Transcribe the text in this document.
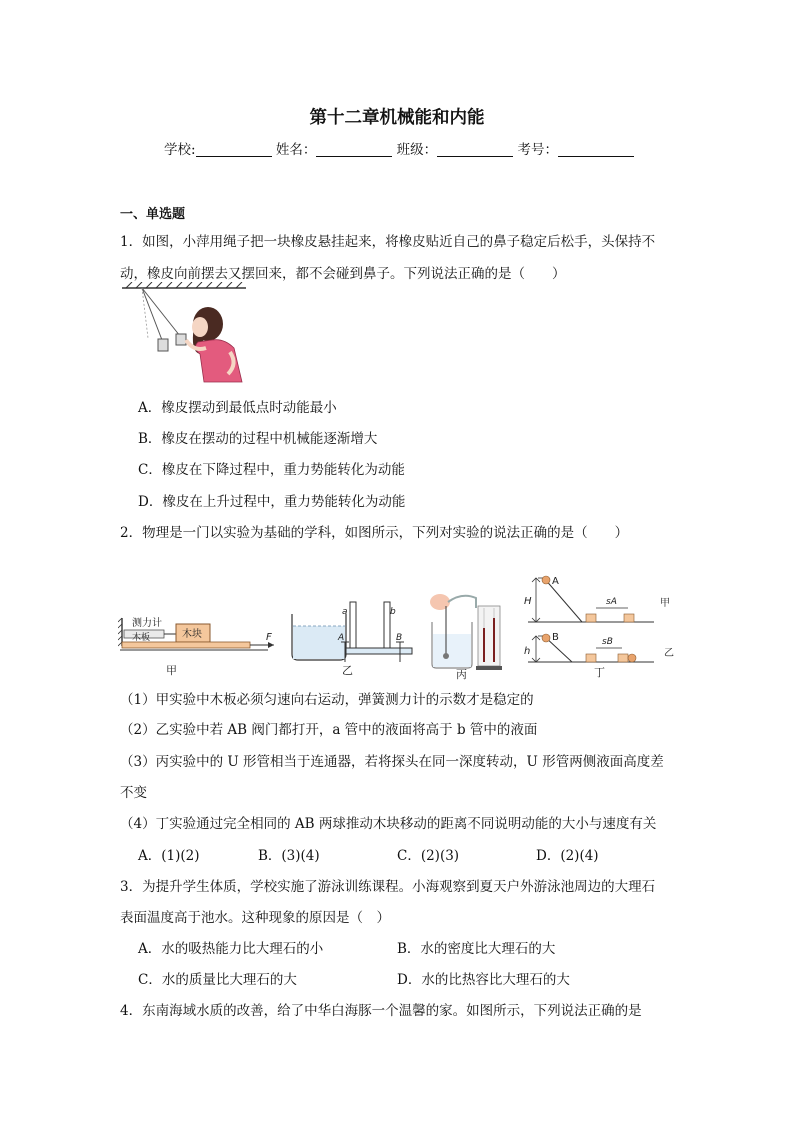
第十二章机械能和内能
学校:	姓名：	班级：	考号：
一、单选题
1．如图，小萍用绳子把一块橡皮悬挂起来，将橡皮贴近自己的鼻子稳定后松手，头保持不
动，橡皮向前摆去又摆回来，都不会碰到鼻子。下列说法正确的是（　　）
A．橡皮摆动到最低点时动能最小
B．橡皮在摆动的过程中机械能逐渐增大
C．橡皮在下降过程中，重力势能转化为动能
D．橡皮在上升过程中，重力势能转化为动能
2．物理是一门以实验为基础的学科，如图所示，下列对实验的说法正确的是（　　）
测力计
木块
木板	F
甲
a	b
A	B
乙	丙
H
A
sA	甲
h
B	sB
乙
丁
（1）甲实验中木板必须匀速向右运动，弹簧测力计的示数才是稳定的
（2）乙实验中若 AB 阀门都打开，a 管中的液面将高于 b 管中的液面
（3）丙实验中的 U 形管相当于连通器，若将探头在同一深度转动，U 形管两侧液面高度差
不变
（4）丁实验通过完全相同的 AB 两球推动木块移动的距离不同说明动能的大小与速度有关
A．(1)(2)	B．(3)(4)	C．(2)(3)	D．(2)(4)
3．为提升学生体质，学校实施了游泳训练课程。小海观察到夏天户外游泳池周边的大理石
表面温度高于池水。这种现象的原因是（　）
A．水的吸热能力比大理石的小	B．水的密度比大理石的大
C．水的质量比大理石的大	D．水的比热容比大理石的大
4．东南海域水质的改善，给了中华白海豚一个温馨的家。如图所示，下列说法正确的是
